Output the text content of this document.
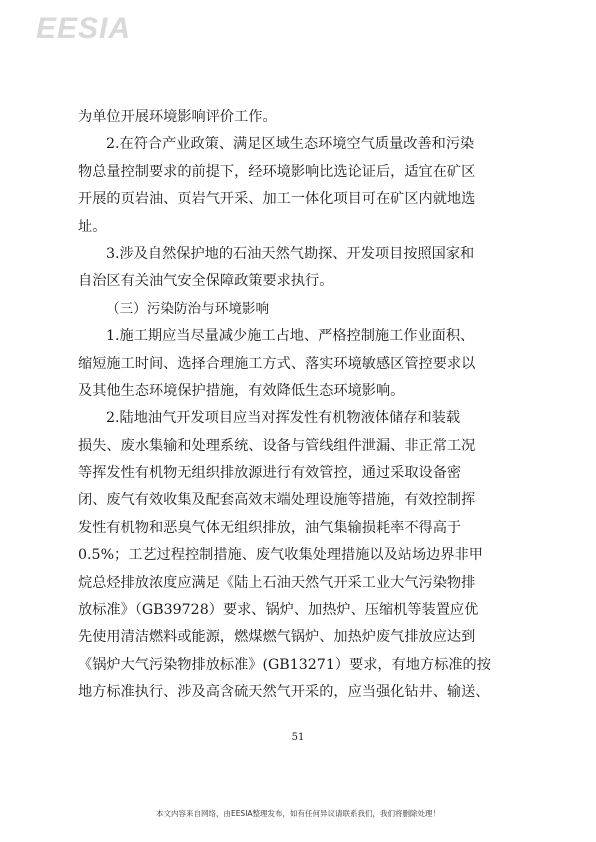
EESIA
为单位开展环境影响评价工作。
2.在符合产业政策、满足区域生态环境空气质量改善和污染
物总量控制要求的前提下，经环境影响比选论证后，适宜在矿区
开展的页岩油、页岩气开采、加工一体化项目可在矿区内就地选
址。
3.涉及自然保护地的石油天然气勘探、开发项目按照国家和
自治区有关油气安全保障政策要求执行。
（三）污染防治与环境影响
1.施工期应当尽量减少施工占地、严格控制施工作业面积、
缩短施工时间、选择合理施工方式、落实环境敏感区管控要求以
及其他生态环境保护措施，有效降低生态环境影响。
2.陆地油气开发项目应当对挥发性有机物液体储存和装载
损失、废水集输和处理系统、设备与管线组件泄漏、非正常工况
等挥发性有机物无组织排放源进行有效管控，通过采取设备密
闭、废气有效收集及配套高效末端处理设施等措施，有效控制挥
发性有机物和恶臭气体无组织排放，油气集输损耗率不得高于
0.5%；工艺过程控制措施、废气收集处理措施以及站场边界非甲
烷总烃排放浓度应满足《陆上石油天然气开采工业大气污染物排
放标准》（GB39728）要求、锅炉、加热炉、压缩机等装置应优
先使用清洁燃料或能源，燃煤燃气锅炉、加热炉废气排放应达到
《锅炉大气污染物排放标准》(GB13271）要求，有地方标准的按
地方标准执行、涉及高含硫天然气开采的，应当强化钻井、输送、
51
本文内容来自网络，由EESIA整理发布，如有任何异议请联系我们，我们将删除处理！
